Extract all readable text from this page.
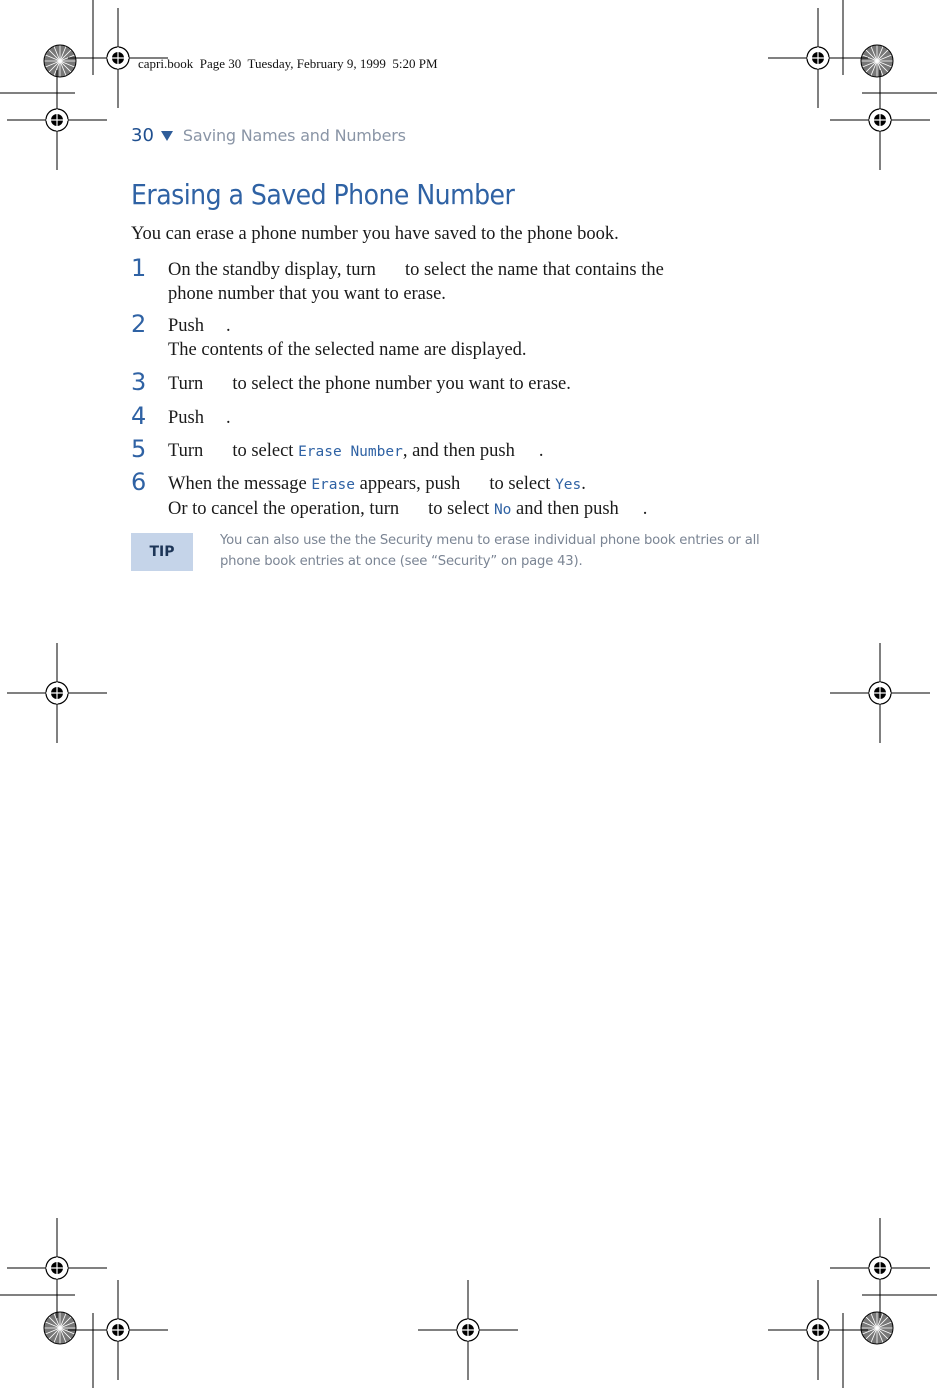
capri.book  Page 30  Tuesday, February 9, 1999  5:20 PM
30 Saving Names and Numbers
Erasing a Saved Phone Number
You can erase a phone number you have saved to the phone book.
1 On the standby display, turn to select the name that contains the
phone number that you want to erase.
2 Push .
The contents of the selected name are displayed.
3 Turn to select the phone number you want to erase.
4 Push .
5 Turn to select Erase Number, and then push .
6 When the message Erase appears, push to select Yes.
Or to cancel the operation, turn to select No and then push .
TIP
You can also use the the Security menu to erase individual phone book entries or all phone book entries at once (see “Security” on page 43).
